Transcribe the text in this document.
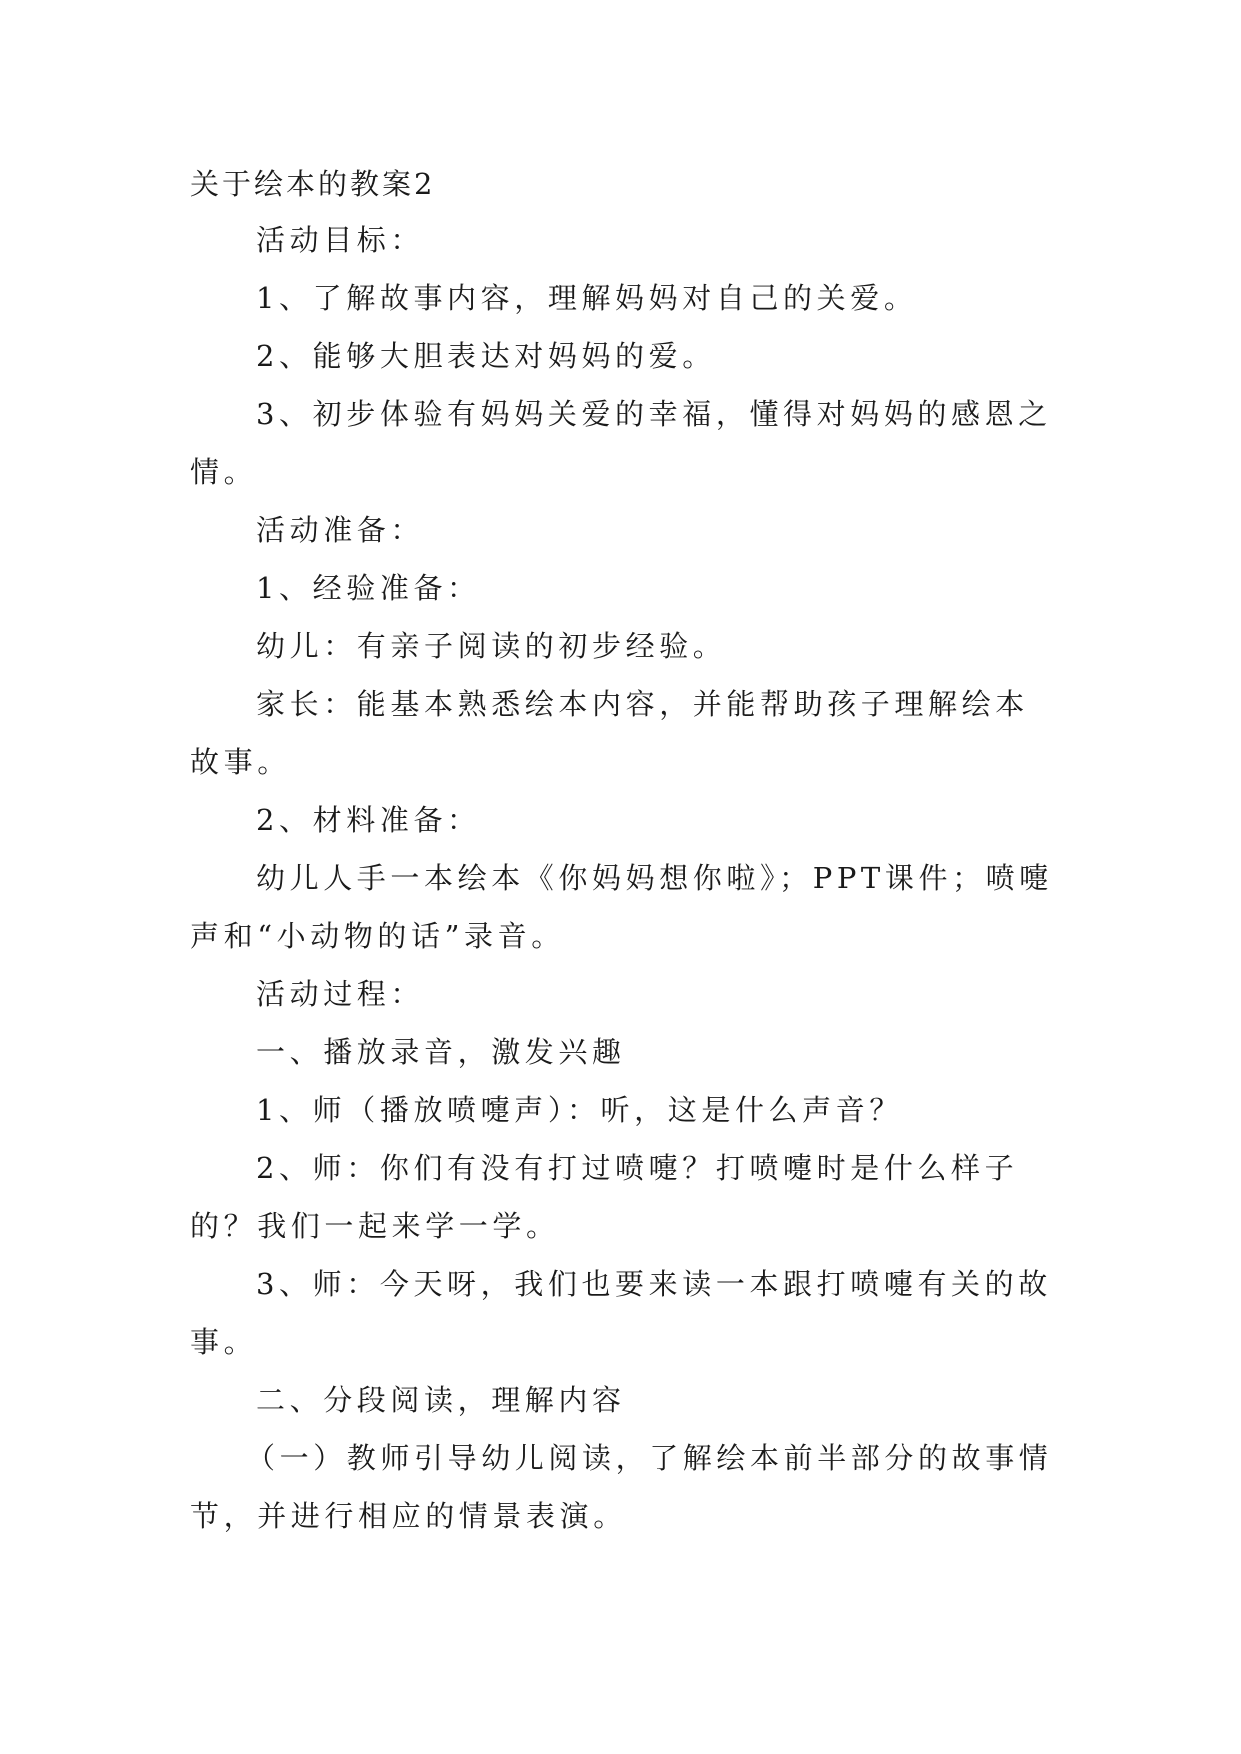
关于绘本的教案2

活动目标：

1、了解故事内容，理解妈妈对自己的关爱。

2、能够大胆表达对妈妈的爱。

3、初步体验有妈妈关爱的幸福，懂得对妈妈的感恩之情。

活动准备：

1、经验准备：

幼儿：有亲子阅读的初步经验。

家长：能基本熟悉绘本内容，并能帮助孩子理解绘本故事。

2、材料准备：

幼儿人手一本绘本《你妈妈想你啦》；PPT课件；喷嚏声和“小动物的话”录音。

活动过程：

一、播放录音，激发兴趣

1、师（播放喷嚏声）：听，这是什么声音？

2、师：你们有没有打过喷嚏？打喷嚏时是什么样子的？我们一起来学一学。

3、师：今天呀，我们也要来读一本跟打喷嚏有关的故事。

二、分段阅读，理解内容

（一）教师引导幼儿阅读，了解绘本前半部分的故事情节，并进行相应的情景表演。
